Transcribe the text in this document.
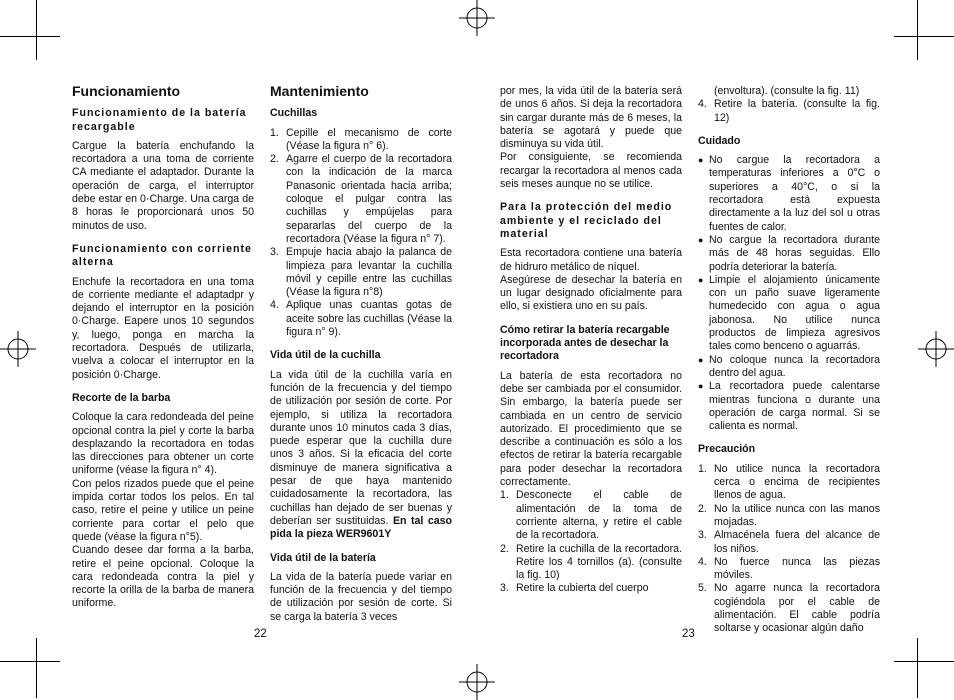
Funcionamiento
Funcionamiento de la batería recargable

Cargue la batería enchufando la recortadora a una toma de corriente CA mediante el adaptador. Durante la operación de carga, el interruptor debe estar en 0·Charge. Una carga de 8 horas le proporcionará unos 50 minutos de uso.

Funcionamiento con corriente alterna

Enchufe la recortadora en una toma de corriente mediante el adaptadpr y dejando el interruptor en la posición 0·Charge. Eapere unos 10 segundos y, luego, ponga en marcha la recortadora. Después de utilizarla, vuelva a colocar el interruptor en la posición 0·Charge.

Recorte de la barba

Coloque la cara redondeada del peine opcional contra la piel y corte la barba desplazando la recortadora en todas las direcciones para obtener un corte uniforme (véase la figura n° 4).

Con pelos rizados puede que el peine impida cortar todos los pelos. En tal caso, retire el peine y utilice un peine corriente para cortar el pelo que quede (véase la figura n°5).

Cuando desee dar forma a la barba, retire el peine opcional. Coloque la cara redondeada contra la piel y recorte la orilla de la barba de manera uniforme.

Mantenimiento
Cuchillas
1. Cepille el mecanismo de corte (Véase la figura n° 6).
2. Agarre el cuerpo de la recortadora con la indicación de la marca Panasonic orientada hacia arriba; coloque el pulgar contra las cuchillas y empújelas para separarlas del cuerpo de la recortadora (Véase la figura n° 7).
3. Empuje hacia abajo la palanca de limpieza para levantar la cuchilla móvil y cepille entre las cuchillas (Véase la figura n°8)
4. Aplique unas cuantas gotas de aceite sobre las cuchillas (Véase la figura n° 9).
Vida útil de la cuchilla

La vida útil de la cuchilla varía en función de la frecuencia y del tiempo de utilización por sesión de corte. Por ejemplo, si utiliza la recortadora durante unos 10 minutos cada 3 días, puede esperar que la cuchilla dure unos 3 años. Si la eficacia del corte disminuye de manera significativa a pesar de que haya mantenido cuidadosamente la recortadora, las cuchillas han dejado de ser buenas y deberían ser sustituidas. En tal caso pida la pieza WER9601Y

Vida útil de la batería

La vida de la batería puede variar en función de la frecuencia y del tiempo de utilización por sesión de corte. Si se carga la batería 3 veces

22

por mes, la vida útil de la batería será de unos 6 años. Si deja la recortadora sin cargar durante más de 6 meses, la batería se agotará y puede que disminuya su vida útil.

Por consiguiente, se recomienda recargar la recortadora al menos cada seis meses aunque no se utilice.

Para la protección del medio ambiente y el reciclado del material

Esta recortadora contiene una batería de hidruro metálico de níquel.

Asegúrese de desechar la batería en un lugar designado oficialmente para ello, si existiera uno en su país.

Cómo retirar la batería recargable incorporada antes de desechar la recortadora

La batería de esta recortadora no debe ser cambiada por el consumidor. Sin embargo, la batería puede ser cambiada en un centro de servicio autorizado. El procedimiento que se describe a continuación es sólo a los efectos de retirar la batería recargable para poder desechar la recortadora correctamente.

1. Desconecte el cable de alimentación de la toma de corriente alterna, y retire el cable de la recortadora.
2. Retire la cuchilla de la recortadora. Retire los 4 tornillos (a). (consulte la fig. 10)
3. Retire la cubierta del cuerpo

(envoltura). (consulte la fig. 11)

4. Retire la batería. (consulte la fig. 12)
Cuidado
● No cargue la recortadora a temperaturas inferiores a 0°C o superiores a 40°C, o si la recortadora está expuesta directamente a la luz del sol u otras fuentes de calor.
● No cargue la recortadora durante más de 48 horas seguidas. Ello podría deteriorar la batería.
● Limpie el alojamiento únicamente con un paño suave ligeramente humedecido con agua o agua jabonosa. No utilice nunca productos de limpieza agresivos tales como benceno o aguarrás.
● No coloque nunca la recortadora dentro del agua.
● La recortadora puede calentarse mientras funciona o durante una operación de carga normal. Si se calienta es normal.
Precaución
1. No utilice nunca la recortadora cerca o encima de recipientes llenos de agua.
2. No la utilice nunca con las manos mojadas.
3. Almacénela fuera del alcance de los niños.
4. No fuerce nunca las piezas móviles.
5. No agarre nunca la recortadora cogiéndola por el cable de alimentación. El cable podría soltarse y ocasionar algún daño
23
